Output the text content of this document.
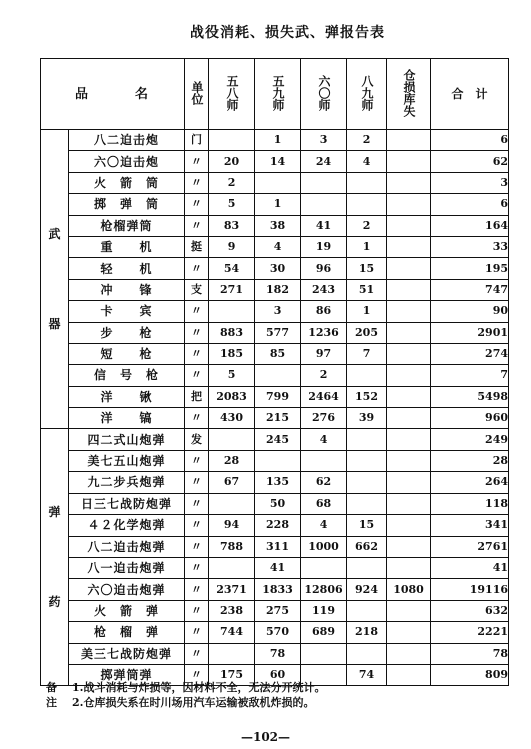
战役消耗、损失武、弹报告表
品　　　名		单位	五八师	五九师	六〇师	八九师	仓损库失	合　计

武
器	八二迫击炮	门		1	3	2		6
	六〇迫击炮	〃	20	14	24	4		62
	火　箭　筒	〃	2					3
	掷　弹　筒	〃	5	1				6
	枪榴弹筒	〃	83	38	41	2		164
	重　　机	挺	9	4	19	1		33
	轻　　机	〃	54	30	96	15		195
	冲　　锋	支	271	182	243	51		747
	卡　　宾	〃		3	86	1		90
	步　　枪	〃	883	577	1236	205		2901
	短　　枪	〃	185	85	97	7		274
	信　号　枪	〃	5		2			7
	洋　　锹	把	2083	799	2464	152		5498
	洋　　镐	〃	430	215	276	39		960

弹
药	四二式山炮弹	发		245	4			249
	美七五山炮弹	〃	28					28
	九二步兵炮弹	〃	67	135	62			264
	日三七战防炮弹	〃		50	68			118
	４２化学炮弹	〃	94	228	4	15		341
	八二迫击炮弹	〃	788	311	1000	662		2761
	八一迫击炮弹	〃		41				41
	六〇迫击炮弹	〃	2371	1833	12806	924	1080	19116
	火　箭　弹	〃	238	275	119			632
	枪　榴　弹	〃	744	570	689	218		2221
	美三七战防炮弹	〃		78				78
	掷弹筒弹	〃	175	60		74		809
备	1.战斗消耗与炸损等，因材料不全，无法分开统计。
注	2.仓库损失系在时川场用汽车运输被敌机炸损的。
—102—
